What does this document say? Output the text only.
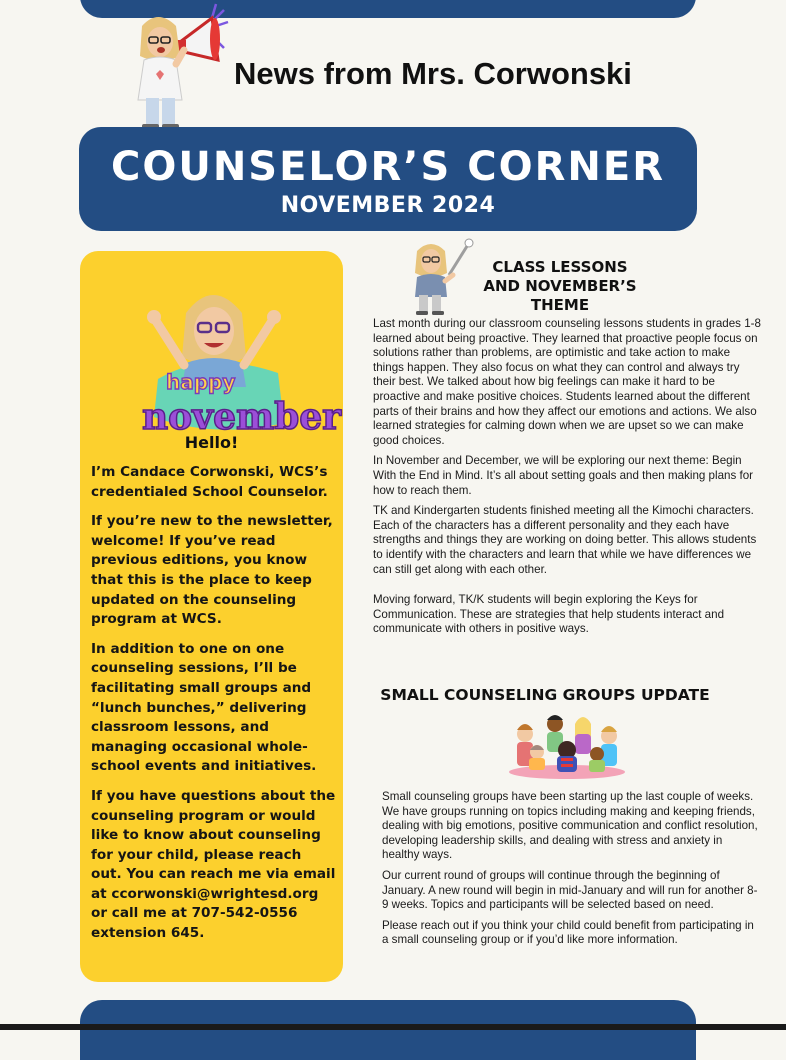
News from Mrs. Corwonski
COUNSELOR’S CORNER
NOVEMBER 2024
happy
november
Hello!

I’m Candace Corwonski, WCS’s credentialed School Counselor.

If you’re new to the newsletter, welcome! If you’ve read previous editions, you know that this is the place to keep updated on the counseling program at WCS.

In addition to one on one counseling sessions, I’ll be facilitating small groups and “lunch bunches,” delivering classroom lessons, and managing occasional whole-school events and initiatives.

If you have questions about the counseling program or would like to know about counseling for your child, please reach out. You can reach me via email at ccorwonski@wrightesd.org or call me at 707-542-0556 extension 645.

CLASS LESSONS AND NOVEMBER’S THEME

Last month during our classroom counseling lessons students in grades 1-8 learned about being proactive. They learned that proactive people focus on solutions rather than problems, are optimistic and take action to make things happen. They also focus on what they can control and always try their best. We talked about how big feelings can make it hard to be proactive and make positive choices. Students learned about the different parts of their brains and how they affect our emotions and actions. We also learned strategies for calming down when we are upset so we can make good choices.

In November and December, we will be exploring our next theme: Begin With the End in Mind. It’s all about setting goals and then making plans for how to reach them.

TK and Kindergarten students finished meeting all the Kimochi characters. Each of the characters has a different personality and they each have strengths and things they are working on doing better. This allows students to identify with the characters and learn that while we have differences we can still get along with each other.

Moving forward, TK/K students will begin exploring the Keys for Communication. These are strategies that help students interact and communicate with others in positive ways.

SMALL COUNSELING GROUPS UPDATE

Small counseling groups have been starting up the last couple of weeks. We have groups running on topics including making and keeping friends, dealing with big emotions, positive communication and conflict resolution, developing leadership skills, and dealing with stress and anxiety in healthy ways.

Our current round of groups will continue through the beginning of January. A new round will begin in mid-January and will run for another 8-9 weeks. Topics and participants will be selected based on need.

Please reach out if you think your child could benefit from participating in a small counseling group or if you’d like more information.
